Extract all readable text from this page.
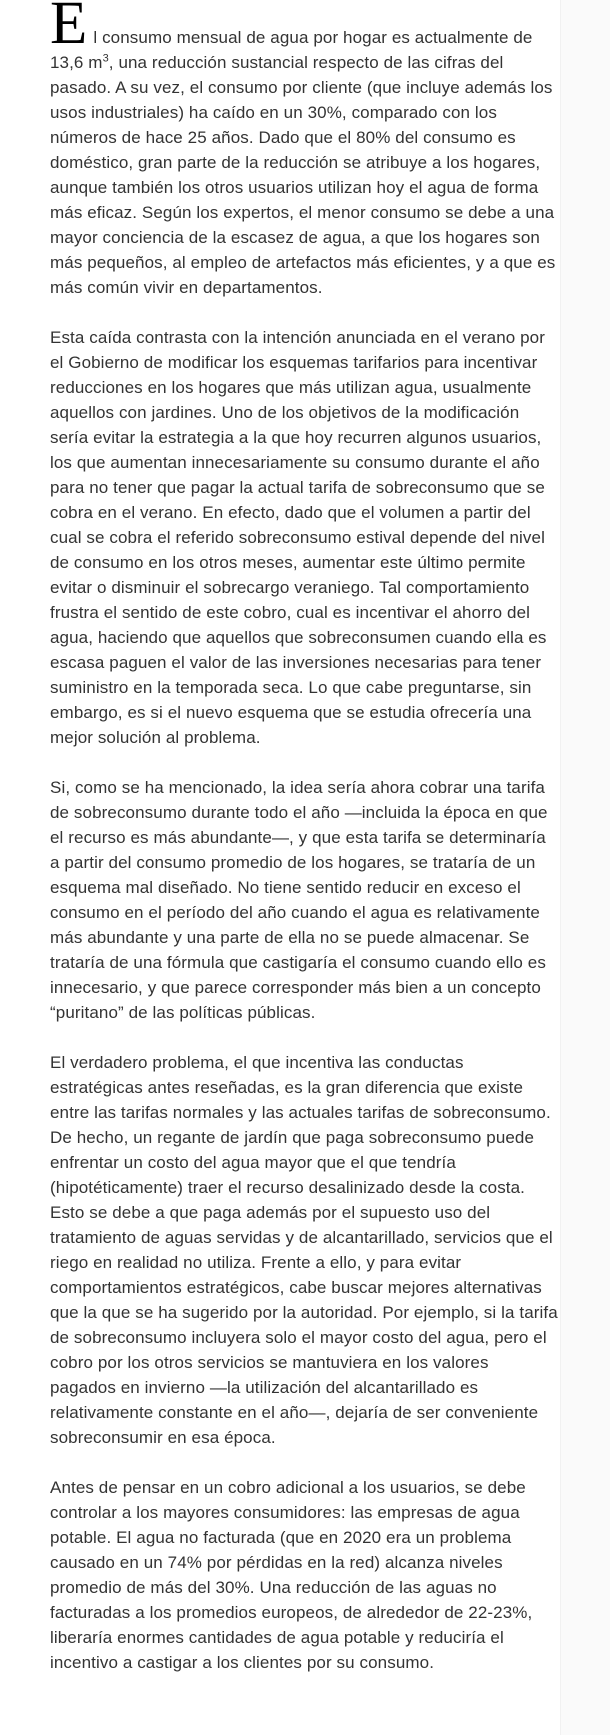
El consumo mensual de agua por hogar es actualmente de 13,6 $m^3$, una reducción sustancial respecto de las cifras del pasado. A su vez, el consumo por cliente (que incluye además los usos industriales) ha caído en un 30%, comparado con los números de hace 25 años. Dado que el 80% del consumo es doméstico, gran parte de la reducción se atribuye a los hogares, aunque también los otros usuarios utilizan hoy el agua de forma más eficaz. Según los expertos, el menor consumo se debe a una mayor conciencia de la escasez de agua, a que los hogares son más pequeños, al empleo de artefactos más eficientes, y a que es más común vivir en departamentos.

Esta caída contrasta con la intención anunciada en el verano por el Gobierno de modificar los esquemas tarifarios para incentivar reducciones en los hogares que más utilizan agua, usualmente aquellos con jardines. Uno de los objetivos de la modificación sería evitar la estrategia a la que hoy recurren algunos usuarios, los que aumentan innecesariamente su consumo durante el año para no tener que pagar la actual tarifa de sobreconsumo que se cobra en el verano. En efecto, dado que el volumen a partir del cual se cobra el referido sobreconsumo estival depende del nivel de consumo en los otros meses, aumentar este último permite evitar o disminuir el sobrecargo veraniego. Tal comportamiento frustra el sentido de este cobro, cual es incentivar el ahorro del agua, haciendo que aquellos que sobreconsumen cuando ella es escasa paguen el valor de las inversiones necesarias para tener suministro en la temporada seca. Lo que cabe preguntarse, sin embargo, es si el nuevo esquema que se estudia ofrecería una mejor solución al problema.

Si, como se ha mencionado, la idea sería ahora cobrar una tarifa de sobreconsumo durante todo el año —incluida la época en que el recurso es más abundante—, y que esta tarifa se determinaría a partir del consumo promedio de los hogares, se trataría de un esquema mal diseñado. No tiene sentido reducir en exceso el consumo en el período del año cuando el agua es relativamente más abundante y una parte de ella no se puede almacenar. Se trataría de una fórmula que castigaría el consumo cuando ello es innecesario, y que parece corresponder más bien a un concepto “puritano” de las políticas públicas.

El verdadero problema, el que incentiva las conductas estratégicas antes reseñadas, es la gran diferencia que existe entre las tarifas normales y las actuales tarifas de sobreconsumo. De hecho, un regante de jardín que paga sobreconsumo puede enfrentar un costo del agua mayor que el que tendría (hipotéticamente) traer el recurso desalinizado desde la costa. Esto se debe a que paga además por el supuesto uso del tratamiento de aguas servidas y de alcantarillado, servicios que el riego en realidad no utiliza. Frente a ello, y para evitar comportamientos estratégicos, cabe buscar mejores alternativas que la que se ha sugerido por la autoridad. Por ejemplo, si la tarifa de sobreconsumo incluyera solo el mayor costo del agua, pero el cobro por los otros servicios se mantuviera en los valores pagados en invierno —la utilización del alcantarillado es relativamente constante en el año—, dejaría de ser conveniente sobreconsumir en esa época.

Antes de pensar en un cobro adicional a los usuarios, se debe controlar a los mayores consumidores: las empresas de agua potable. El agua no facturada (que en 2020 era un problema causado en un 74% por pérdidas en la red) alcanza niveles promedio de más del 30%. Una reducción de las aguas no facturadas a los promedios europeos, de alrededor de 22-23%, liberaría enormes cantidades de agua potable y reduciría el incentivo a castigar a los clientes por su consumo.
